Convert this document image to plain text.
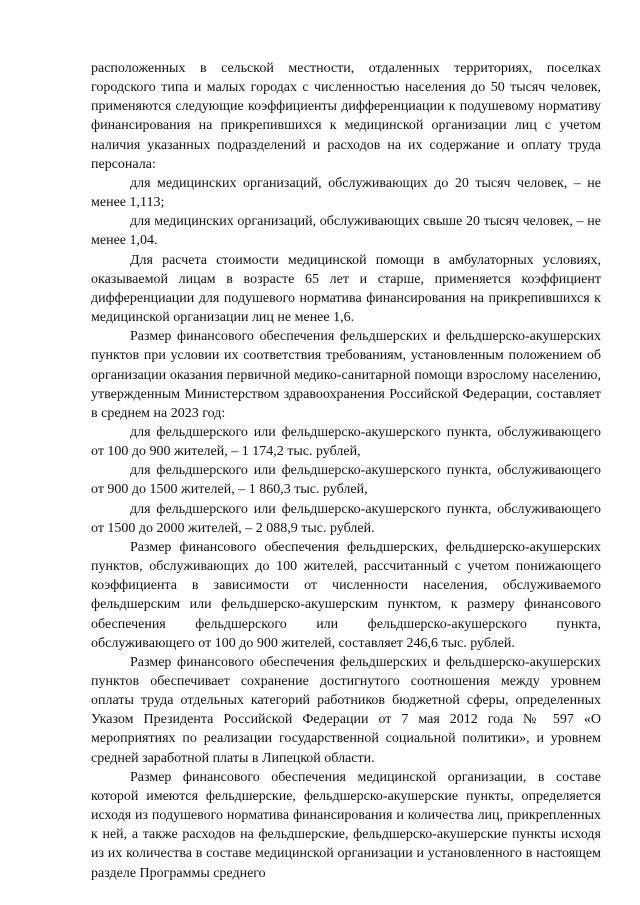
расположенных в сельской местности, отдаленных территориях, поселках городского типа и малых городах с численностью населения до 50 тысяч человек, применяются следующие коэффициенты дифференциации к подушевому нормативу финансирования на прикрепившихся к медицинской организации лиц с учетом наличия указанных подразделений и расходов на их содержание и оплату труда персонала:

для медицинских организаций, обслуживающих до 20 тысяч человек, – не менее 1,113;

для медицинских организаций, обслуживающих свыше 20 тысяч человек, – не менее 1,04.

Для расчета стоимости медицинской помощи в амбулаторных условиях, оказываемой лицам в возрасте 65 лет и старше, применяется коэффициент дифференциации для подушевого норматива финансирования на прикрепившихся к медицинской организации лиц не менее 1,6.

Размер финансового обеспечения фельдшерских и фельдшерско-акушерских пунктов при условии их соответствия требованиям, установленным положением об организации оказания первичной медико-санитарной помощи взрослому населению, утвержденным Министерством здравоохранения Российской Федерации, составляет в среднем на 2023 год:

для фельдшерского или фельдшерско-акушерского пункта, обслуживающего от 100 до 900 жителей, – 1 174,2 тыс. рублей,

для фельдшерского или фельдшерско-акушерского пункта, обслуживающего от 900 до 1500 жителей, – 1 860,3 тыс. рублей,

для фельдшерского или фельдшерско-акушерского пункта, обслуживающего от 1500 до 2000 жителей, – 2 088,9 тыс. рублей.

Размер финансового обеспечения фельдшерских, фельдшерско-акушерских пунктов, обслуживающих до 100 жителей, рассчитанный с учетом понижающего коэффициента в зависимости от численности населения, обслуживаемого фельдшерским или фельдшерско-акушерским пунктом, к размеру финансового обеспечения фельдшерского или фельдшерско-акушерского пункта, обслуживающего от 100 до 900 жителей, составляет 246,6 тыс. рублей.

Размер финансового обеспечения фельдшерских и фельдшерско-акушерских пунктов обеспечивает сохранение достигнутого соотношения между уровнем оплаты труда отдельных категорий работников бюджетной сферы, определенных Указом Президента Российской Федерации от 7 мая 2012 года № 597 «О мероприятиях по реализации государственной социальной политики», и уровнем средней заработной платы в Липецкой области.

Размер финансового обеспечения медицинской организации, в составе которой имеются фельдшерские, фельдшерско-акушерские пункты, определяется исходя из подушевого норматива финансирования и количества лиц, прикрепленных к ней, а также расходов на фельдшерские, фельдшерско-акушерские пункты исходя из их количества в составе медицинской организации и установленного в настоящем разделе Программы среднего
